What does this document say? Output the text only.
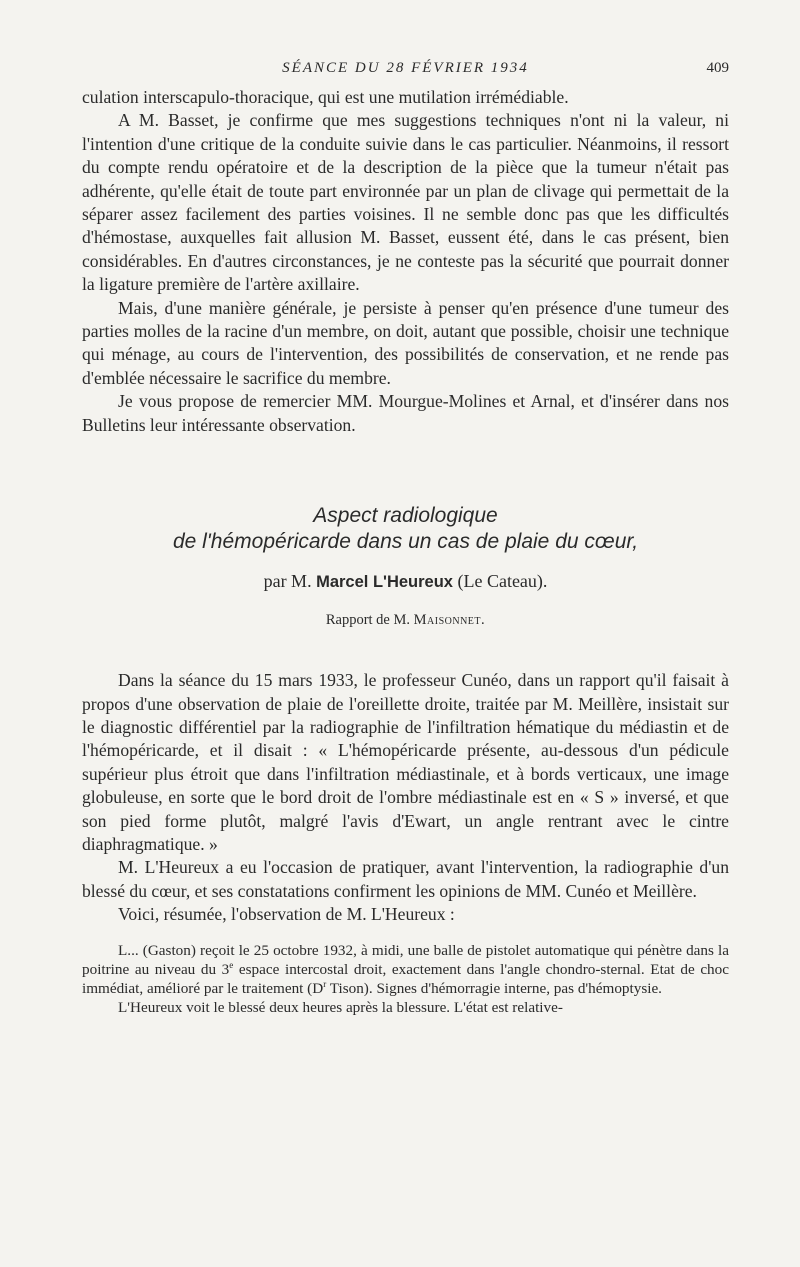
SÉANCE DU 28 FÉVRIER 1934	409

culation interscapulo-thoracique, qui est une mutilation irrémédiable.

A M. Basset, je confirme que mes suggestions techniques n'ont ni la valeur, ni l'intention d'une critique de la conduite suivie dans le cas particulier. Néanmoins, il ressort du compte rendu opératoire et de la description de la pièce que la tumeur n'était pas adhérente, qu'elle était de toute part environnée par un plan de clivage qui permettait de la séparer assez facilement des parties voisines. Il ne semble donc pas que les difficultés d'hémostase, auxquelles fait allusion M. Basset, eussent été, dans le cas présent, bien considérables. En d'autres circonstances, je ne conteste pas la sécurité que pourrait donner la ligature première de l'artère axillaire.

Mais, d'une manière générale, je persiste à penser qu'en présence d'une tumeur des parties molles de la racine d'un membre, on doit, autant que possible, choisir une technique qui ménage, au cours de l'intervention, des possibilités de conservation, et ne rende pas d'emblée nécessaire le sacrifice du membre.

Je vous propose de remercier MM. Mourgue-Molines et Arnal, et d'insérer dans nos Bulletins leur intéressante observation.

Aspect radiologique
de l'hémopéricarde dans un cas de plaie du cœur,
par M. Marcel L'Heureux (Le Cateau).
Rapport de M. Maisonnet.

Dans la séance du 15 mars 1933, le professeur Cunéo, dans un rapport qu'il faisait à propos d'une observation de plaie de l'oreillette droite, traitée par M. Meillère, insistait sur le diagnostic différentiel par la radiographie de l'infiltration hématique du médiastin et de l'hémopéricarde, et il disait : « L'hémopéricarde présente, au-dessous d'un pédicule supérieur plus étroit que dans l'infiltration médiastinale, et à bords verticaux, une image globuleuse, en sorte que le bord droit de l'ombre médiastinale est en « S » inversé, et que son pied forme plutôt, malgré l'avis d'Ewart, un angle rentrant avec le cintre diaphragmatique. »

M. L'Heureux a eu l'occasion de pratiquer, avant l'intervention, la radiographie d'un blessé du cœur, et ses constatations confirment les opinions de MM. Cunéo et Meillère.

Voici, résumée, l'observation de M. L'Heureux :

L... (Gaston) reçoit le 25 octobre 1932, à midi, une balle de pistolet automatique qui pénètre dans la poitrine au niveau du 3e espace intercostal droit, exactement dans l'angle chondro-sternal. Etat de choc immédiat, amélioré par le traitement ($D^r$ Tison). Signes d'hémorragie interne, pas d'hémoptysie.

L'Heureux voit le blessé deux heures après la blessure. L'état est relative-
